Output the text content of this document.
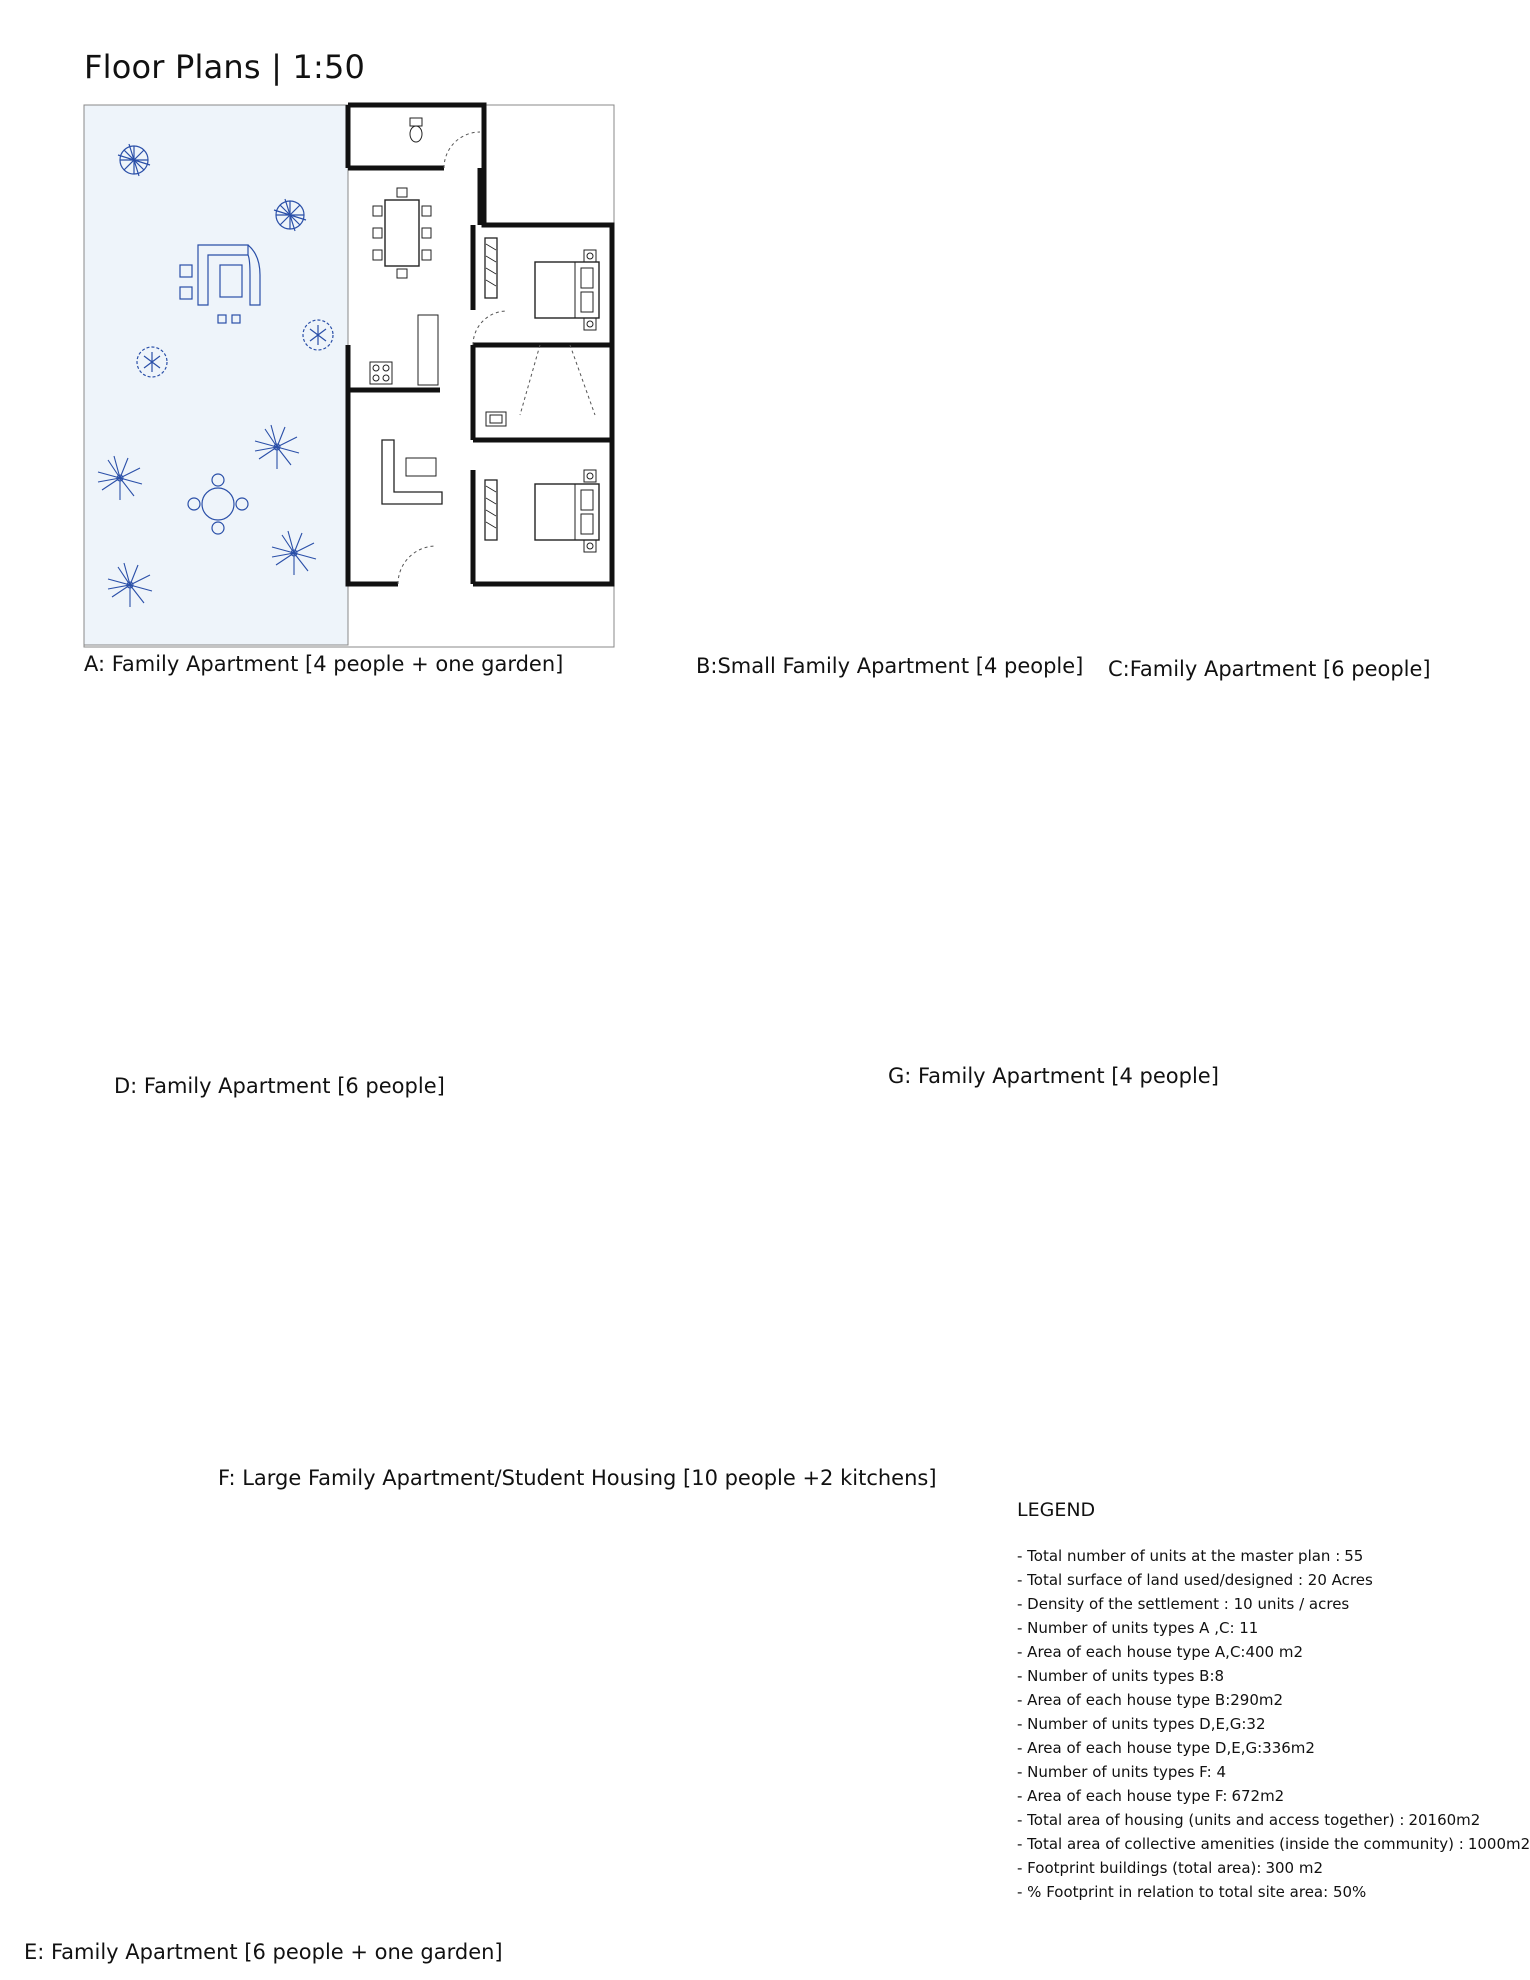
Floor Plans | 1:50
A: Family Apartment [4 people + one garden]	B:Small Family Apartment [4 people] C:Family Apartment [6 people]
D: Family Apartment [6 people]	G: Family Apartment [4 people]
F: Large Family Apartment/Student Housing [10 people +2 kitchens]
E: Family Apartment [6 people + one garden]
LEGEND
- Total number of units at the master plan : 55
- Total surface of land used/designed : 20 Acres
- Density of the settlement : 10 units / acres
- Number of units types A ,C: 11
- Area of each house type A,C:400 m2
- Number of units types B:8
- Area of each house type B:290m2
- Number of units types D,E,G:32
- Area of each house type D,E,G:336m2
- Number of units types F: 4
- Area of each house type F: 672m2
- Total area of housing (units and access together) : 20160m2
- Total area of collective amenities (inside the community) : 1000m2
- Footprint buildings (total area): 300 m2
- % Footprint in relation to total site area: 50%
